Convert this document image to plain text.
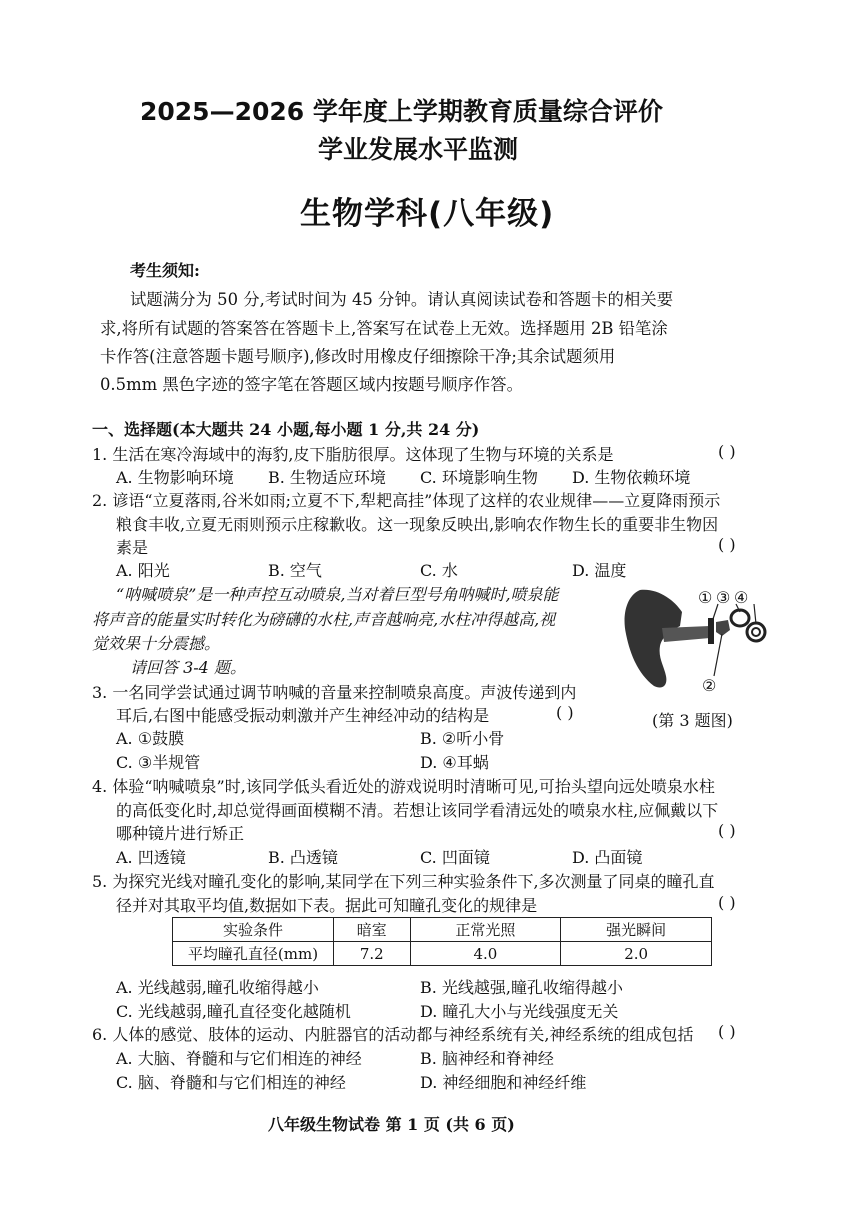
2025—2026 学年度上学期教育质量综合评价
学业发展水平监测
生物学科(八年级)
考生须知:
试题满分为 50 分,考试时间为 45 分钟。请认真阅读试卷和答题卡的相关要
求,将所有试题的答案答在答题卡上,答案写在试卷上无效。选择题用 2B 铅笔涂
卡作答(注意答题卡题号顺序),修改时用橡皮仔细擦除干净;其余试题须用
0.5mm 黑色字迹的签字笔在答题区域内按题号顺序作答。
一、选择题(本大题共 24 小题,每小题 1 分,共 24 分)
1. 生活在寒冷海域中的海豹,皮下脂肪很厚。这体现了生物与环境的关系是	( )
A. 生物影响环境 B. 生物适应环境 C. 环境影响生物 D. 生物依赖环境
2. 谚语“立夏落雨,谷米如雨;立夏不下,犁耙高挂”体现了这样的农业规律——立夏降雨预示
粮食丰收,立夏无雨则预示庄稼歉收。这一现象反映出,影响农作物生长的重要非生物因
素是	( )
A. 阳光	B. 空气	C. 水	D. 温度
“呐喊喷泉”是一种声控互动喷泉,当对着巨型号角呐喊时,喷泉能
将声音的能量实时转化为磅礴的水柱,声音越响亮,水柱冲得越高,视
觉效果十分震撼。
请回答 3-4 题。
① ③ ④
②
(第 3 题图)
3. 一名同学尝试通过调节呐喊的音量来控制喷泉高度。声波传递到内
耳后,右图中能感受振动刺激并产生神经冲动的结构是	( )
A. ①鼓膜	B. ②听小骨
C. ③半规管	D. ④耳蜗
4. 体验“呐喊喷泉”时,该同学低头看近处的游戏说明时清晰可见,可抬头望向远处喷泉水柱
的高低变化时,却总觉得画面模糊不清。若想让该同学看清远处的喷泉水柱,应佩戴以下
哪种镜片进行矫正	( )
A. 凹透镜	B. 凸透镜	C. 凹面镜	D. 凸面镜
5. 为探究光线对瞳孔变化的影响,某同学在下列三种实验条件下,多次测量了同桌的瞳孔直
径并对其取平均值,数据如下表。据此可知瞳孔变化的规律是	( )
实验条件	暗室	正常光照	强光瞬间
平均瞳孔直径(mm)	7.2	4.0	2.0
A. 光线越弱,瞳孔收缩得越小	B. 光线越强,瞳孔收缩得越小
C. 光线越弱,瞳孔直径变化越随机	D. 瞳孔大小与光线强度无关
6. 人体的感觉、肢体的运动、内脏器官的活动都与神经系统有关,神经系统的组成包括 ( )
A. 大脑、脊髓和与它们相连的神经	B. 脑神经和脊神经
C. 脑、脊髓和与它们相连的神经	D. 神经细胞和神经纤维
八年级生物试卷 第 1 页 (共 6 页)
